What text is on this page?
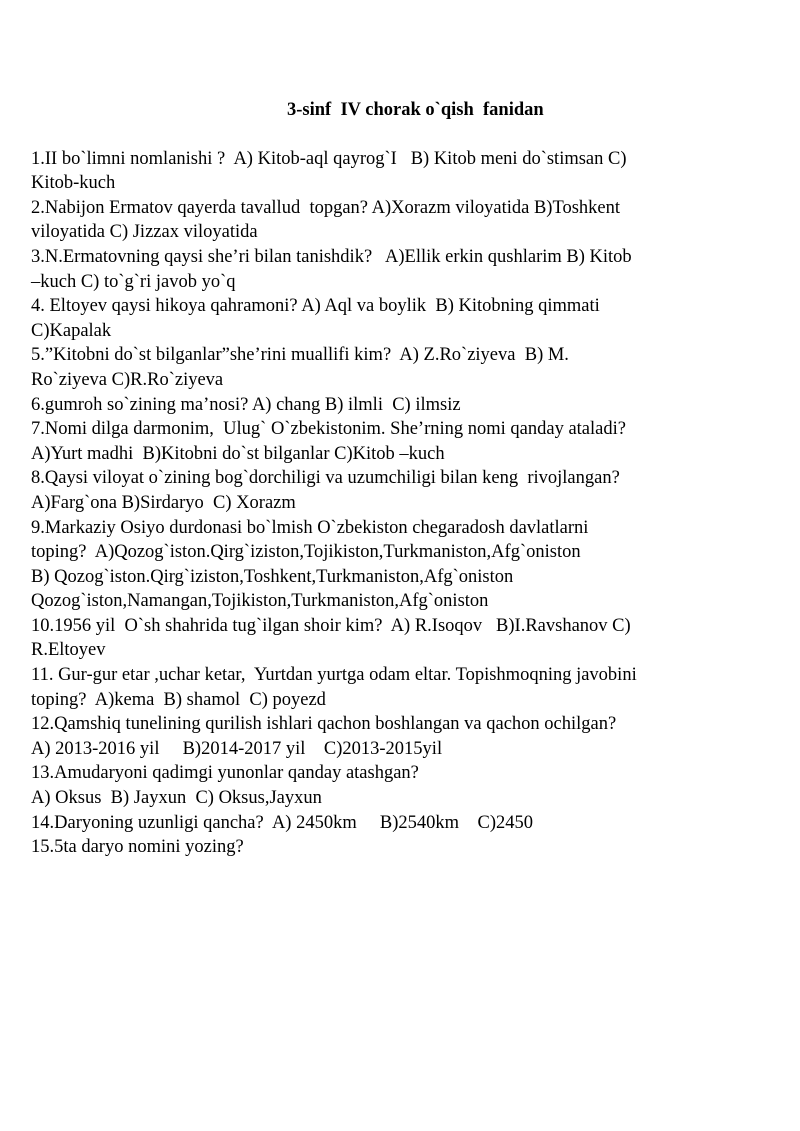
3-sinf  IV chorak o`qish  fanidan
1.II bo`limni nomlanishi ?  A) Kitob-aql qayrog`I   B) Kitob meni do`stimsan C)
Kitob-kuch
2.Nabijon Ermatov qayerda tavallud  topgan? A)Xorazm viloyatida B)Toshkent
viloyatida C) Jizzax viloyatida
3.N.Ermatovning qaysi she’ri bilan tanishdik?   A)Ellik erkin qushlarim B) Kitob
–kuch C) to`g`ri javob yo`q
4. Eltoyev qaysi hikoya qahramoni? A) Aql va boylik  B) Kitobning qimmati
C)Kapalak
5.”Kitobni do`st bilganlar”she’rini muallifi kim?  A) Z.Ro`ziyeva  B) M.
Ro`ziyeva C)R.Ro`ziyeva
6.gumroh so`zining ma’nosi? A) chang B) ilmli  C) ilmsiz
7.Nomi dilga darmonim,  Ulug` O`zbekistonim. She’rning nomi qanday ataladi?
A)Yurt madhi  B)Kitobni do`st bilganlar C)Kitob –kuch
8.Qaysi viloyat o`zining bog`dorchiligi va uzumchiligi bilan keng  rivojlangan?
A)Farg`ona B)Sirdaryo  C) Xorazm
9.Markaziy Osiyo durdonasi bo`lmish O`zbekiston chegaradosh davlatlarni
toping?  A)Qozog`iston.Qirg`iziston,Tojikiston,Turkmaniston,Afg`oniston
B) Qozog`iston.Qirg`iziston,Toshkent,Turkmaniston,Afg`oniston
Qozog`iston,Namangan,Tojikiston,Turkmaniston,Afg`oniston
10.1956 yil  O`sh shahrida tug`ilgan shoir kim?  A) R.Isoqov   B)I.Ravshanov C)
R.Eltoyev
11. Gur-gur etar ,uchar ketar,  Yurtdan yurtga odam eltar. Topishmoqning javobini
toping?  A)kema  B) shamol  C) poyezd
12.Qamshiq tunelining qurilish ishlari qachon boshlangan va qachon ochilgan?
A) 2013-2016 yil     B)2014-2017 yil    C)2013-2015yil
13.Amudaryoni qadimgi yunonlar qanday atashgan?
A) Oksus  B) Jayxun  C) Oksus,Jayxun
14.Daryoning uzunligi qancha?  A) 2450km     B)2540km    C)2450
15.5ta daryo nomini yozing?
